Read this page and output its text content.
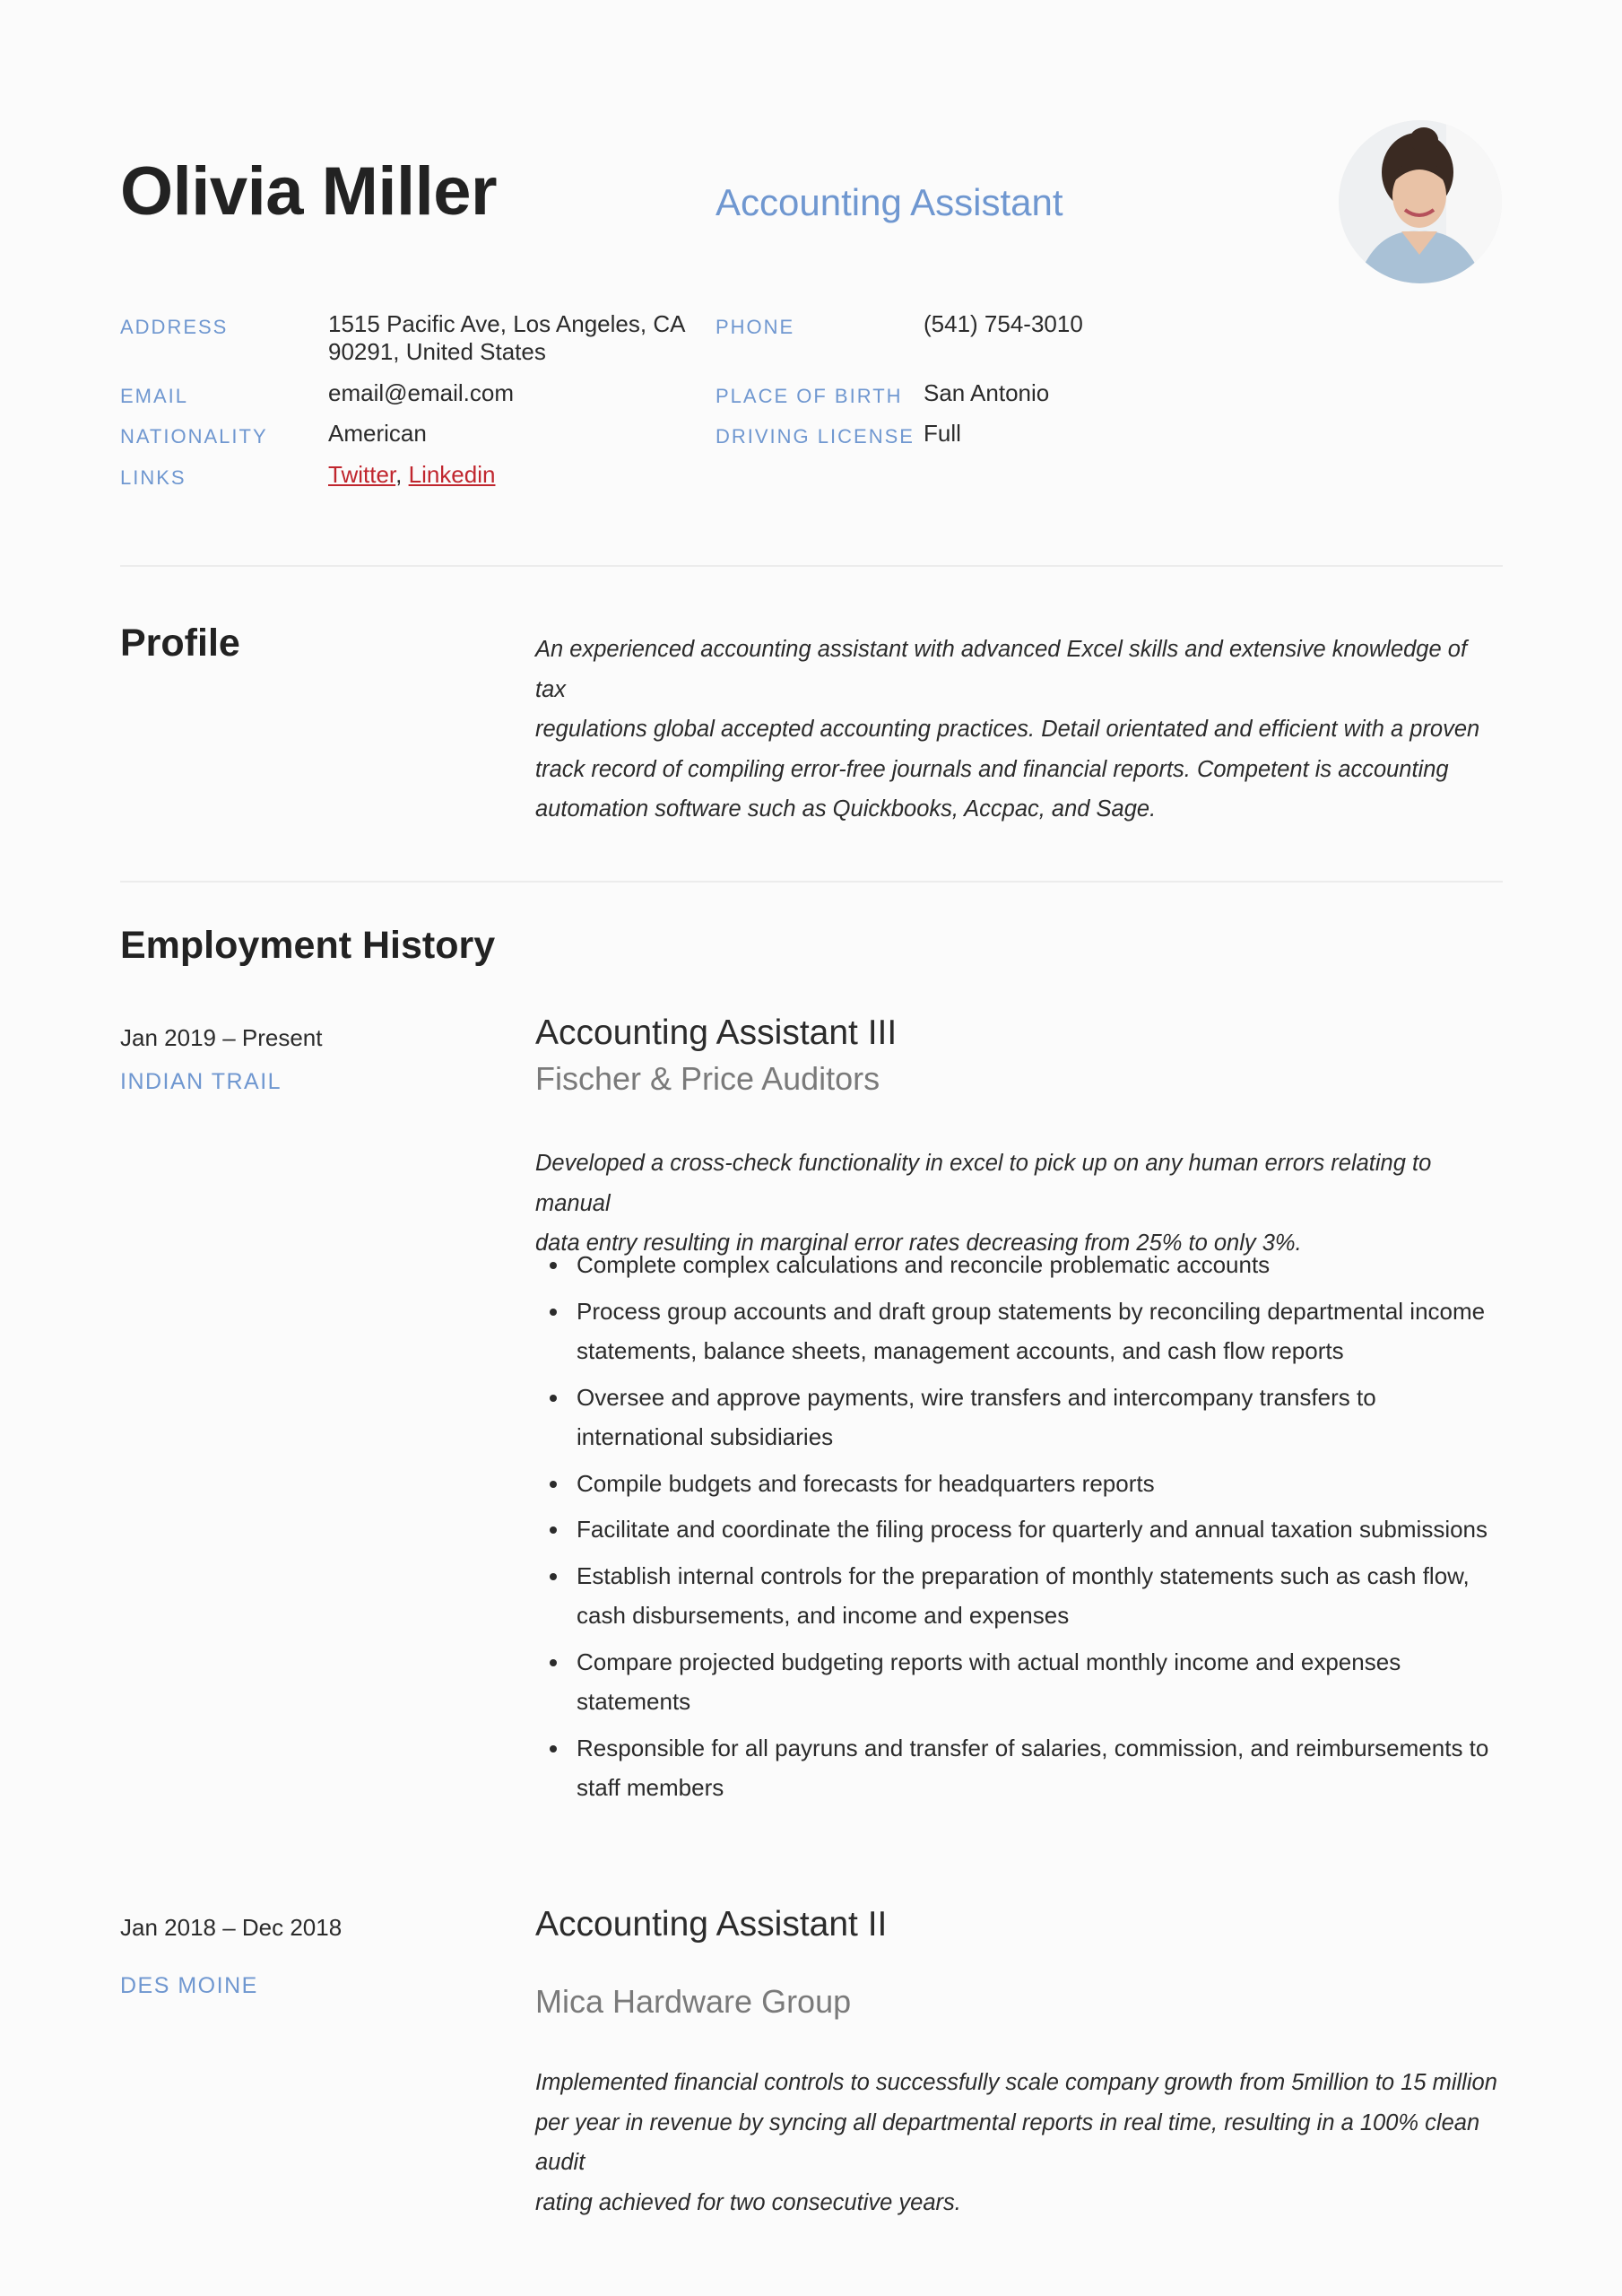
Olivia Miller	Accounting Assistant
ADDRESS	1515 Pacific Ave, Los Angeles, CA
90291, United States
PHONE	(541) 754-3010
EMAIL	email@email.com	PLACE OF BIRTH San Antonio
NATIONALITY	American	DRIVING LICENSE Full
LINKS	Twitter, Linkedin
Profile	An experienced accounting assistant with advanced Excel skills and extensive knowledge of tax
regulations global accepted accounting practices. Detail orientated and efficient with a proven
track record of compiling error-free journals and financial reports. Competent is accounting
automation software such as Quickbooks, Accpac, and Sage.
Employment History
Jan 2019 – Present
INDIAN TRAIL
Accounting Assistant III
Fischer & Price Auditors
Developed a cross-check functionality in excel to pick up on any human errors relating to manual
data entry resulting in marginal error rates decreasing from 25% to only 3%.
Complete complex calculations and reconcile problematic accounts
Process group accounts and draft group statements by reconciling departmental income
statements, balance sheets, management accounts, and cash flow reports
Oversee and approve payments, wire transfers and intercompany transfers to
international subsidiaries
Compile budgets and forecasts for headquarters reports
Facilitate and coordinate the filing process for quarterly and annual taxation submissions
Establish internal controls for the preparation of monthly statements such as cash flow,
cash disbursements, and income and expenses
Compare projected budgeting reports with actual monthly income and expenses
statements
Responsible for all payruns and transfer of salaries, commission, and reimbursements to
staff members
Jan 2018 – Dec 2018
DES MOINE
Accounting Assistant II
Mica Hardware Group
Implemented financial controls to successfully scale company growth from 5million to 15 million
per year in revenue by syncing all departmental reports in real time, resulting in a 100% clean audit
rating achieved for two consecutive years.
